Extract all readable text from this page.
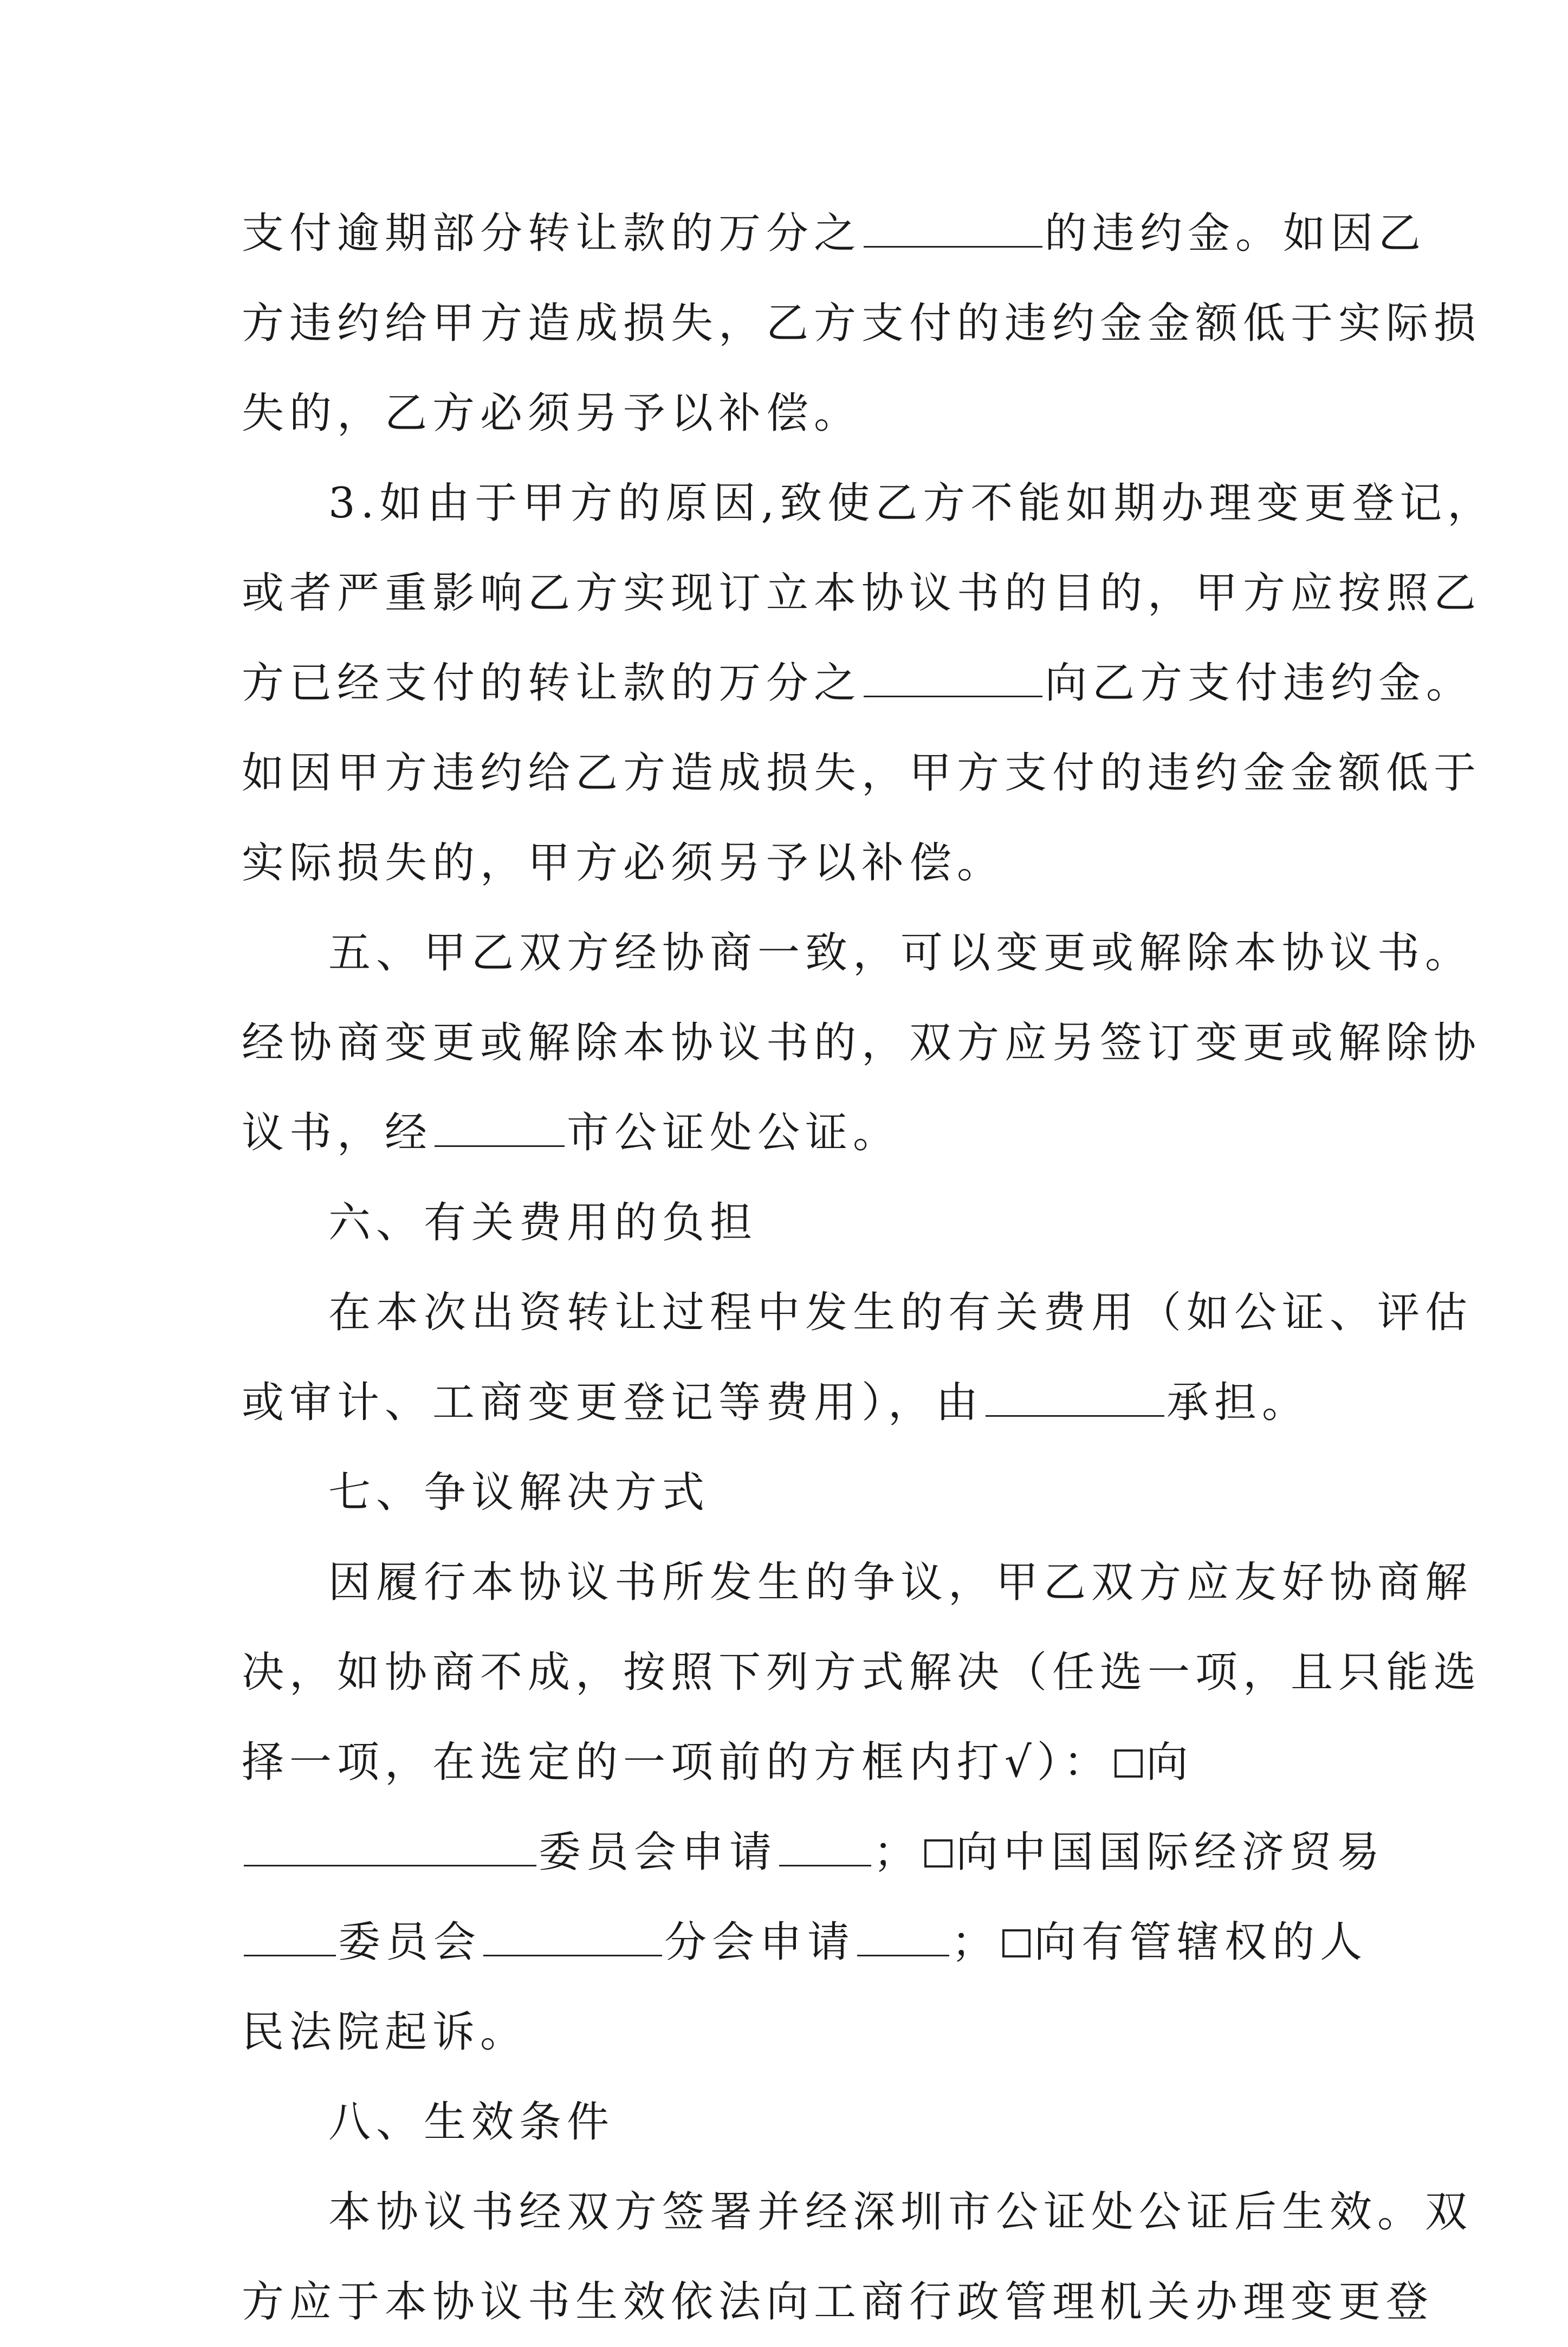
支付逾期部分转让款的万分之	的违约金。如因乙
方违约给甲方造成损失，乙方支付的违约金金额低于实际损
失的，乙方必须另予以补偿。
3.如由于甲方的原因,致使乙方不能如期办理变更登记，
或者严重影响乙方实现订立本协议书的目的，甲方应按照乙
方已经支付的转让款的万分之	向乙方支付违约金。
如因甲方违约给乙方造成损失，甲方支付的违约金金额低于
实际损失的，甲方必须另予以补偿。
五、甲乙双方经协商一致，可以变更或解除本协议书。
经协商变更或解除本协议书的，双方应另签订变更或解除协
议书，经	市公证处公证。
六、有关费用的负担
在本次出资转让过程中发生的有关费用（如公证、评估
或审计、工商变更登记等费用），由	承担。
七、争议解决方式
因履行本协议书所发生的争议，甲乙双方应友好协商解
决，如协商不成，按照下列方式解决（任选一项，且只能选
择一项，在选定的一项前的方框内打√）： 向
委员会申请 ； 向中国国际经济贸易
委员会	分会申请 ； 向有管辖权的人
民法院起诉。
八、生效条件
本协议书经双方签署并经深圳市公证处公证后生效。双
方应于本协议书生效依法向工商行政管理机关办理变更登
